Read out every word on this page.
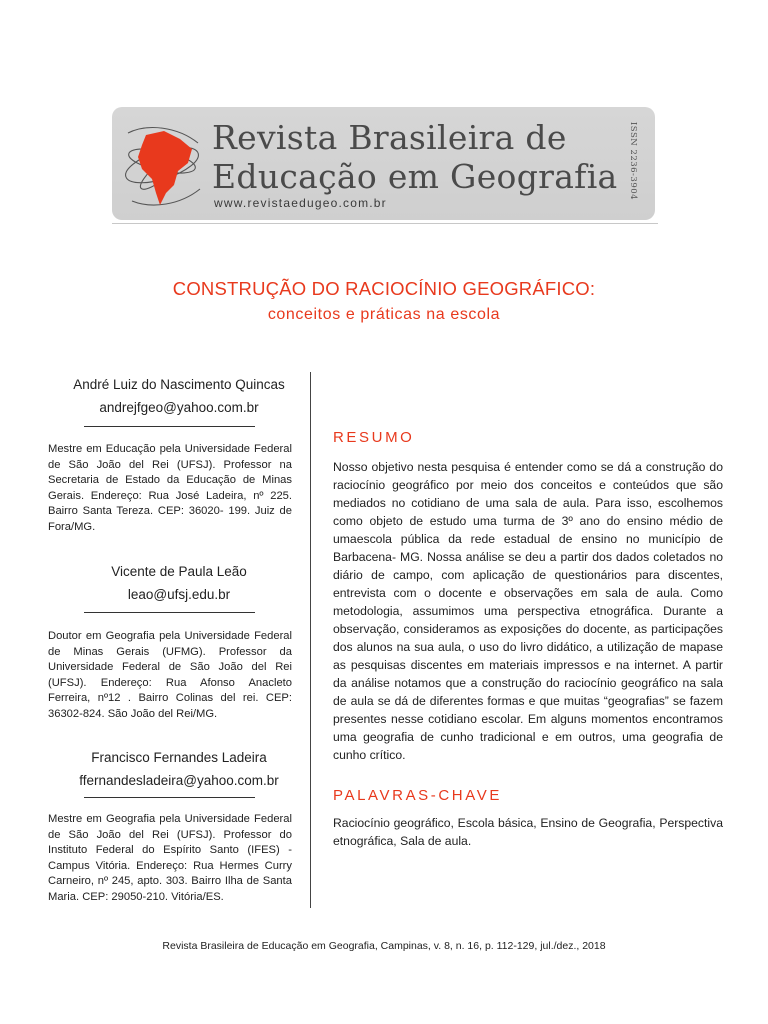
Revista Brasileira de
Educação em Geografia
www.revistaedugeo.com.br
ISSN 2236-3904
CONSTRUÇÃO DO RACIOCÍNIO GEOGRÁFICO:
conceitos e práticas na escola
André Luiz do Nascimento Quincas
andrejfgeo@yahoo.com.br
Mestre em Educação pela Universidade Federal de São João del Rei (UFSJ). Professor na Secretaria de Estado da Educação de Minas Gerais. Endereço: Rua José Ladeira, nº 225. Bairro Santa Tereza. CEP: 36020- 199. Juiz de Fora/MG.
Vicente de Paula Leão
leao@ufsj.edu.br
Doutor em Geografia pela Universidade Federal de Minas Gerais (UFMG). Professor da Universidade Federal de São João del Rei (UFSJ). Endereço: Rua Afonso Anacleto Ferreira, nº12 . Bairro Colinas del rei. CEP: 36302-824. São João del Rei/MG.
Francisco Fernandes Ladeira
ffernandesladeira@yahoo.com.br
Mestre em Geografia pela Universidade Federal de São João del Rei (UFSJ). Professor do Instituto Federal do Espírito Santo (IFES) - Campus Vitória. Endereço: Rua Hermes Curry Carneiro, nº 245, apto. 303. Bairro Ilha de Santa Maria. CEP: 29050-210. Vitória/ES.
RESUMO
Nosso objetivo nesta pesquisa é entender como se dá a construção do raciocínio geográfico por meio dos conceitos e conteúdos que são mediados no cotidiano de uma sala de aula. Para isso, escolhemos como objeto de estudo uma turma de 3º ano do ensino médio de umaescola pública da rede estadual de ensino no município de Barbacena- MG. Nossa análise se deu a partir dos dados coletados no diário de campo, com aplicação de questionários para discentes, entrevista com o docente e observações em sala de aula. Como metodologia, assumimos uma perspectiva etnográfica. Durante a observação, consideramos as exposições do docente, as participações dos alunos na sua aula, o uso do livro didático, a utilização de mapase as pesquisas discentes em materiais impressos e na internet. A partir da análise notamos que a construção do raciocínio geográfico na sala de aula se dá de diferentes formas e que muitas “geografias” se fazem presentes nesse cotidiano escolar. Em alguns momentos encontramos uma geografia de cunho tradicional e em outros, uma geografia de cunho crítico.
PALAVRAS-CHAVE
Raciocínio geográfico, Escola básica, Ensino de Geografia, Perspectiva etnográfica, Sala de aula.
Revista Brasileira de Educação em Geografia, Campinas, v. 8, n. 16, p. 112-129, jul./dez., 2018
